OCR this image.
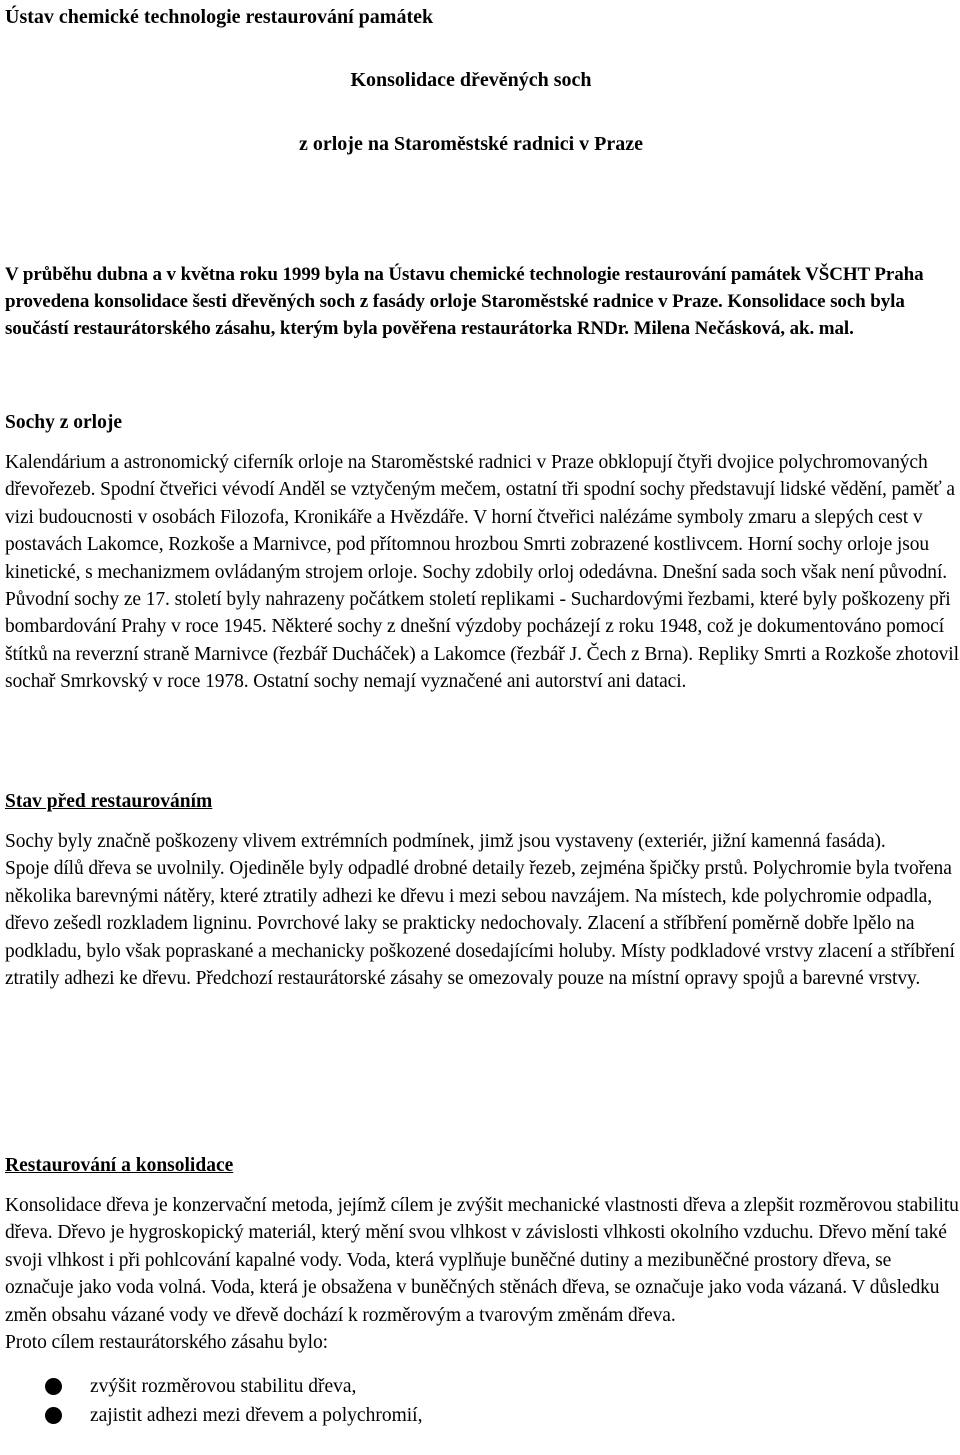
Ústav chemické technologie restaurování památek
Konsolidace dřevěných soch
z orloje na Staroměstské radnici v Praze
V průběhu dubna a v května roku 1999 byla na Ústavu chemické technologie restaurování památek VŠCHT Praha provedena konsolidace šesti dřevěných soch z fasády orloje Staroměstské radnice v Praze. Konsolidace soch byla součástí restaurátorského zásahu, kterým byla pověřena restaurátorka RNDr. Milena Nečásková, ak. mal.
Sochy z orloje
Kalendárium a astronomický ciferník orloje na Staroměstské radnici v Praze obklopují čtyři dvojice polychromovaných dřevořezeb. Spodní čtveřici vévodí Anděl se vztyčeným mečem, ostatní tři spodní sochy představují lidské vědění, paměť a vizi budoucnosti v osobách Filozofa, Kronikáře a Hvězdáře. V horní čtveřici nalézáme symboly zmaru a slepých cest v postavách Lakomce, Rozkoše a Marnivce, pod přítomnou hrozbou Smrti zobrazené kostlivcem. Horní sochy orloje jsou kinetické, s mechanizmem ovládaným strojem orloje. Sochy zdobily orloj odedávna. Dnešní sada soch však není původní. Původní sochy ze 17. století byly nahrazeny počátkem století replikami - Suchardovými řezbami, které byly poškozeny při bombardování Prahy v roce 1945. Některé sochy z dnešní výzdoby pocházejí z roku 1948, což je dokumentováno pomocí štítků na reverzní straně Marnivce (řezbář Ducháček) a Lakomce (řezbář J. Čech z Brna). Repliky Smrti a Rozkoše zhotovil sochař Smrkovský v roce 1978. Ostatní sochy nemají vyznačené ani autorství ani dataci.
Stav před restaurováním
Sochy byly značně poškozeny vlivem extrémních podmínek, jimž jsou vystaveny (exteriér, jižní kamenná fasáda).
Spoje dílů dřeva se uvolnily. Ojediněle byly odpadlé drobné detaily řezeb, zejména špičky prstů. Polychromie byla tvořena několika barevnými nátěry, které ztratily adhezi ke dřevu i mezi sebou navzájem. Na místech, kde polychromie odpadla, dřevo zešedl rozkladem ligninu. Povrchové laky se prakticky nedochovaly. Zlacení a stříbření poměrně dobře lpělo na podkladu, bylo však popraskané a mechanicky poškozené dosedajícími holuby. Místy podkladové vrstvy zlacení a stříbření ztratily adhezi ke dřevu. Předchozí restaurátorské zásahy se omezovaly pouze na místní opravy spojů a barevné vrstvy.
Restaurování a konsolidace
Konsolidace dřeva je konzervační metoda, jejímž cílem je zvýšit mechanické vlastnosti dřeva a zlepšit rozměrovou stabilitu dřeva. Dřevo je hygroskopický materiál, který mění svou vlhkost v závislosti vlhkosti okolního vzduchu. Dřevo mění také svoji vlhkost i při pohlcování kapalné vody. Voda, která vyplňuje buněčné dutiny a mezibuněčné prostory dřeva, se označuje jako voda volná. Voda, která je obsažena v buněčných stěnách dřeva, se označuje jako voda vázaná. V důsledku změn obsahu vázané vody ve dřevě dochází k rozměrovým a tvarovým změnám dřeva.
Proto cílem restaurátorského zásahu bylo:
zvýšit rozměrovou stabilitu dřeva,
zajistit adhezi mezi dřevem a polychromií,
